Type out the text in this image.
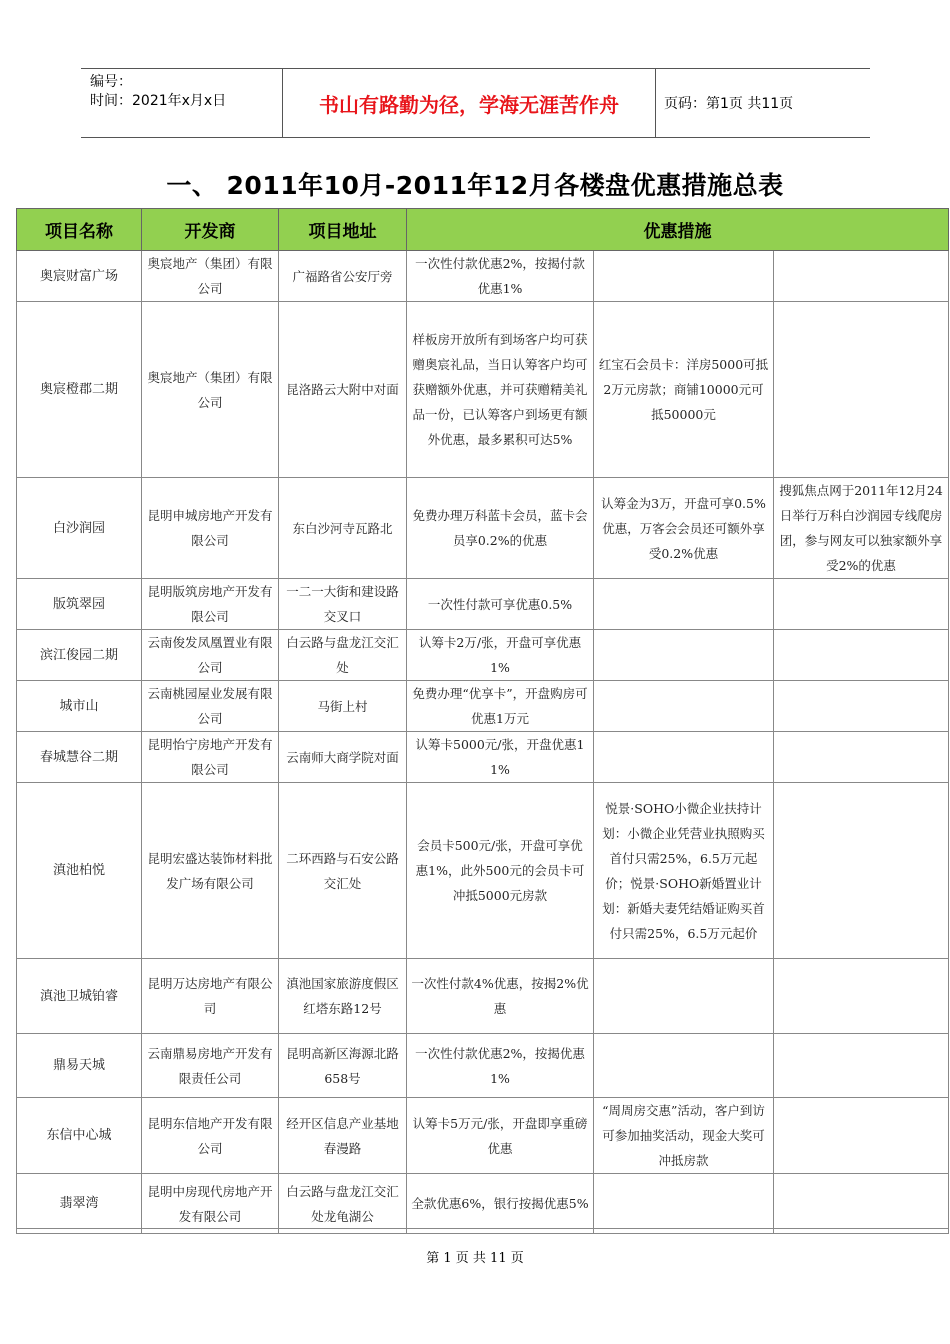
编号：
时间：2021年x月x日	书山有路勤为径，学海无涯苦作舟	页码：第1页 共11页
一、 2011年10月-2011年12月各楼盘优惠措施总表
项目名称	开发商	项目地址	优惠措施		
奥宸财富广场	奥宸地产（集团）有限公司	广福路省公安厅旁	一次性付款优惠2%，按揭付款优惠1%		
奥宸橙郡二期	奥宸地产（集团）有限公司	昆洛路云大附中对面	样板房开放所有到场客户均可获赠奥宸礼品，当日认筹客户均可获赠额外优惠，并可获赠精美礼品一份，已认筹客户到场更有额外优惠，最多累积可达5%	红宝石会员卡：洋房5000可抵2万元房款；商铺10000元可抵50000元	
白沙润园	昆明申城房地产开发有限公司	东白沙河寺瓦路北	免费办理万科蓝卡会员，蓝卡会员享0.2%的优惠	认筹金为3万，开盘可享0.5%优惠，万客会会员还可额外享受0.2%优惠	搜狐焦点网于2011年12月24日举行万科白沙润园专线爬房团，参与网友可以独家额外享受2%的优惠
版筑翠园	昆明版筑房地产开发有限公司	一二一大街和建设路交叉口	一次性付款可享优惠0.5%		
滨江俊园二期	云南俊发凤凰置业有限公司	白云路与盘龙江交汇处	认筹卡2万/张，开盘可享优惠1%		
城市山	云南桃园屋业发展有限公司	马街上村	免费办理“优享卡”，开盘购房可优惠1万元		
春城慧谷二期	昆明怡宁房地产开发有限公司	云南师大商学院对面	认筹卡5000元/张，开盘优惠11%		
滇池柏悦	昆明宏盛达装饰材料批发广场有限公司	二环西路与石安公路交汇处	会员卡500元/张，开盘可享优惠1%，此外500元的会员卡可冲抵5000元房款	悦景·SOHO小微企业扶持计划：小微企业凭营业执照购买首付只需25%，6.5万元起价；悦景·SOHO新婚置业计划：新婚夫妻凭结婚证购买首付只需25%，6.5万元起价	
滇池卫城铂睿	昆明万达房地产有限公司	滇池国家旅游度假区红塔东路12号	一次性付款4%优惠，按揭2%优惠		
鼎易天城	云南鼎易房地产开发有限责任公司	昆明高新区海源北路658号	一次性付款优惠2%，按揭优惠1%		
东信中心城	昆明东信地产开发有限公司	经开区信息产业基地春漫路	认筹卡5万元/张，开盘即享重磅优惠	“周周房交惠”活动，客户到访可参加抽奖活动，现金大奖可冲抵房款	
翡翠湾	昆明中房现代房地产开发有限公司	白云路与盘龙江交汇处龙龟湖公	全款优惠6%，银行按揭优惠5%		
第 1 页 共 11 页
